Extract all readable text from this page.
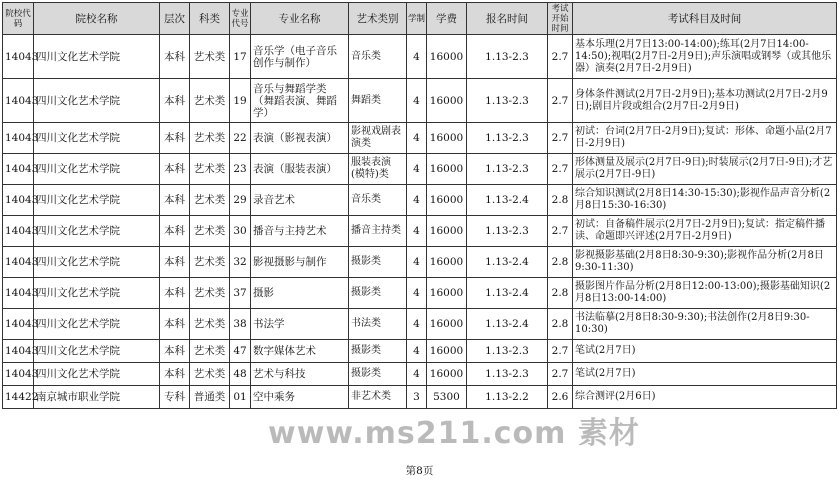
院校代码	院校名称	层次	科类	专业代号	专业名称	艺术类别	学制	学费	报名时间	考试开始时间	考试科目及时间
14043	四川文化艺术学院	本科	艺术类	17	音乐学（电子音乐创作与制作）	音乐类	4	16000	1.13-2.3	2.7	基本乐理(2月7日13:00-14:00);练耳(2月7日14:00-14:50);视唱(2月7日-2月9日);声乐演唱或钢琴（或其他乐器）演奏(2月7日-2月9日)
14043	四川文化艺术学院	本科	艺术类	19	音乐与舞蹈学类（舞蹈表演、舞蹈学）	舞蹈类	4	16000	1.13-2.3	2.7	身体条件测试(2月7日-2月9日);基本功测试(2月7日-2月9日);剧目片段或组合(2月7日-2月9日)
14043	四川文化艺术学院	本科	艺术类	22	表演（影视表演）	影视戏剧表演类	4	16000	1.13-2.3	2.7	初试：台词(2月7日-2月9日);复试：形体、命题小品(2月7日-2月9日)
14043	四川文化艺术学院	本科	艺术类	23	表演（服装表演）	服装表演(模特)类	4	16000	1.13-2.3	2.7	形体测量及展示(2月7日-9日);时装展示(2月7日-9日);才艺展示(2月7日-9日)
14043	四川文化艺术学院	本科	艺术类	29	录音艺术	音乐类	4	16000	1.13-2.4	2.8	综合知识测试(2月8日14:30-15:30);影视作品声音分析(2月8日15:30-16:30)
14043	四川文化艺术学院	本科	艺术类	30	播音与主持艺术	播音主持类	4	16000	1.13-2.3	2.7	初试：自备稿件展示(2月7日-2月9日);复试：指定稿件播读、命题即兴评述(2月7日-2月9日)
14043	四川文化艺术学院	本科	艺术类	32	影视摄影与制作	摄影类	4	16000	1.13-2.4	2.8	影视摄影基础(2月8日8:30-9:30);影视作品分析(2月8日9:30-11:30)
14043	四川文化艺术学院	本科	艺术类	37	摄影	摄影类	4	16000	1.13-2.4	2.8	摄影图片作品分析(2月8日12:00-13:00);摄影基础知识(2月8日13:00-14:00)
14043	四川文化艺术学院	本科	艺术类	38	书法学	书法类	4	16000	1.13-2.4	2.8	书法临摹(2月8日8:30-9:30);书法创作(2月8日9:30-10:30)
14043	四川文化艺术学院	本科	艺术类	47	数字媒体艺术	摄影类	4	16000	1.13-2.3	2.7	笔试(2月7日)
14043	四川文化艺术学院	本科	艺术类	48	艺术与科技	摄影类	4	16000	1.13-2.3	2.7	笔试(2月7日)
14422	南京城市职业学院	专科	普通类	01	空中乘务	非艺术类	3	5300	1.13-2.2	2.6	综合测评(2月6日)
www.ms211.com 素材
第8页
